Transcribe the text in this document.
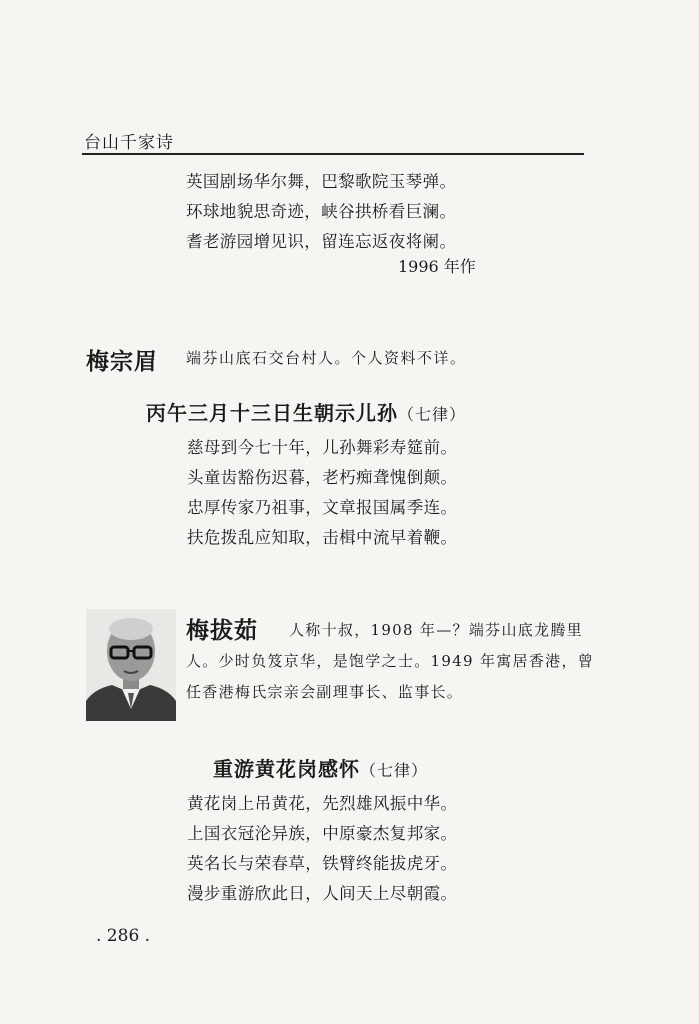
台山千家诗
英国剧场华尔舞，巴黎歌院玉琴弹。
环球地貌思奇迹，峡谷拱桥看巨澜。
耆老游园增见识，留连忘返夜将阑。
1996 年作
梅宗眉 端芬山底石交台村人。个人资料不详。
丙午三月十三日生朝示儿孙（七律）
慈母到今七十年，儿孙舞彩寿筵前。
头童齿豁伤迟暮，老朽痴聋愧倒颠。
忠厚传家乃祖事，文章报国属季连。
扶危拨乱应知取，击楫中流早着鞭。
梅拔茹	人称十叔，1908 年—？端芬山底龙腾里人。少时负笈京华，是饱学之士。1949 年寓居香港，曾任香港梅氏宗亲会副理事长、监事长。
重游黄花岗感怀（七律）
黄花岗上吊黄花，先烈雄风振中华。
上国衣冠沦异族，中原豪杰复邦家。
英名长与荣春草，铁臂终能拔虎牙。
漫步重游欣此日，人间天上尽朝霞。
. 286 .
